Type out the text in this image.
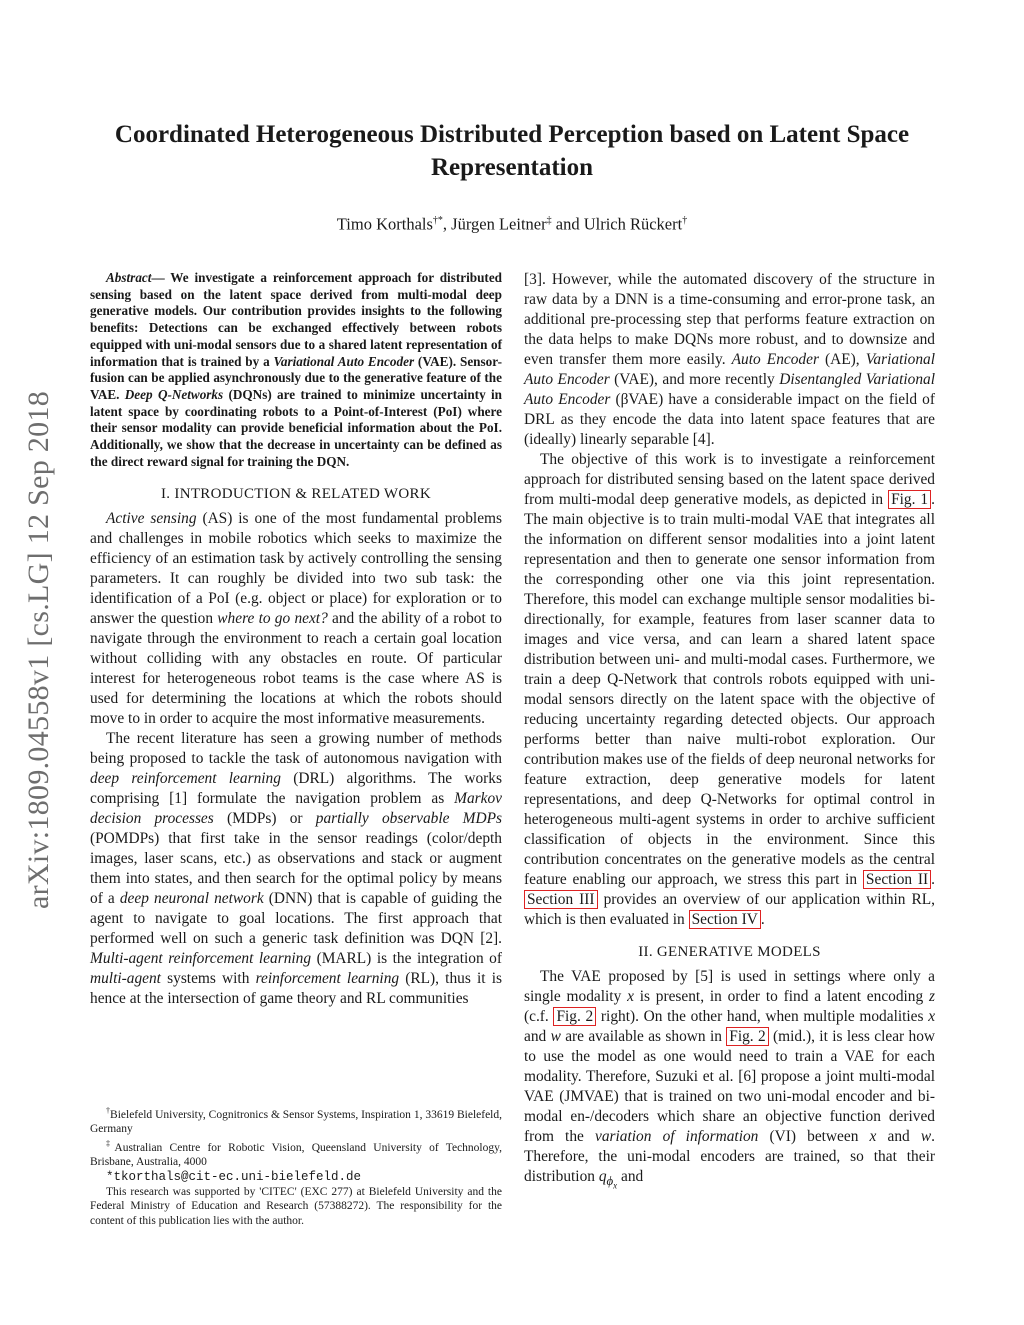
arXiv:1809.04558v1 [cs.LG] 12 Sep 2018
Coordinated Heterogeneous Distributed Perception based on Latent Space Representation
Timo Korthals†*, Jürgen Leitner‡ and Ulrich Rückert†

Abstract— We investigate a reinforcement approach for distributed sensing based on the latent space derived from multi-modal deep generative models. Our contribution provides insights to the following benefits: Detections can be exchanged effectively between robots equipped with uni-modal sensors due to a shared latent representation of information that is trained by a Variational Auto Encoder (VAE). Sensor-fusion can be applied asynchronously due to the generative feature of the VAE. Deep Q-Networks (DQNs) are trained to minimize uncertainty in latent space by coordinating robots to a Point-of-Interest (PoI) where their sensor modality can provide beneficial information about the PoI. Additionally, we show that the decrease in uncertainty can be defined as the direct reward signal for training the DQN.

I. INTRODUCTION & RELATED WORK

Active sensing (AS) is one of the most fundamental problems and challenges in mobile robotics which seeks to maximize the efficiency of an estimation task by actively controlling the sensing parameters. It can roughly be divided into two sub task: the identification of a PoI (e.g. object or place) for exploration or to answer the question where to go next? and the ability of a robot to navigate through the environment to reach a certain goal location without colliding with any obstacles en route. Of particular interest for heterogeneous robot teams is the case where AS is used for determining the locations at which the robots should move to in order to acquire the most informative measurements.

The recent literature has seen a growing number of methods being proposed to tackle the task of autonomous navigation with deep reinforcement learning (DRL) algorithms. The works comprising [1] formulate the navigation problem as Markov decision processes (MDPs) or partially observable MDPs (POMDPs) that first take in the sensor readings (color/depth images, laser scans, etc.) as observations and stack or augment them into states, and then search for the optimal policy by means of a deep neuronal network (DNN) that is capable of guiding the agent to navigate to goal locations. The first approach that performed well on such a generic task definition was DQN [2]. Multi-agent reinforcement learning (MARL) is the integration of multi-agent systems with reinforcement learning (RL), thus it is hence at the intersection of game theory and RL communities

†Bielefeld University, Cognitronics & Sensor Systems, Inspiration 1, 33619 Bielefeld, Germany

‡Australian Centre for Robotic Vision, Queensland University of Technology, Brisbane, Australia, 4000

*tkorthals@cit-ec.uni-bielefeld.de

This research was supported by 'CITEC' (EXC 277) at Bielefeld University and the Federal Ministry of Education and Research (57388272). The responsibility for the content of this publication lies with the author.

[3]. However, while the automated discovery of the structure in raw data by a DNN is a time-consuming and error-prone task, an additional pre-processing step that performs feature extraction on the data helps to make DQNs more robust, and to downsize and even transfer them more easily. Auto Encoder (AE), Variational Auto Encoder (VAE), and more recently Disentangled Variational Auto Encoder (βVAE) have a considerable impact on the field of DRL as they encode the data into latent space features that are (ideally) linearly separable [4].

The objective of this work is to investigate a reinforcement approach for distributed sensing based on the latent space derived from multi-modal deep generative models, as depicted in Fig. 1 . The main objective is to train multi-modal VAE that integrates all the information on different sensor modalities into a joint latent representation and then to generate one sensor information from the corresponding other one via this joint representation. Therefore, this model can exchange multiple sensor modalities bi-directionally, for example, features from laser scanner data to images and vice versa, and can learn a shared latent space distribution between uni- and multi-modal cases. Furthermore, we train a deep Q-Network that controls robots equipped with uni-modal sensors directly on the latent space with the objective of reducing uncertainty regarding detected objects. Our approach performs better than naive multi-robot exploration. Our contribution makes use of the fields of deep neuronal networks for feature extraction, deep generative models for latent representations, and deep Q-Networks for optimal control in heterogeneous multi-agent systems in order to archive sufficient classification of objects in the environment. Since this contribution concentrates on the generative models as the central feature enabling our approach, we stress this part in Section II . Section III provides an overview of our application within RL, which is then evaluated in Section IV .

II. GENERATIVE MODELS

The VAE proposed by [5] is used in settings where only a single modality x is present, in order to find a latent encoding z (c.f. Fig. 2 right). On the other hand, when multiple modalities x and w are available as shown in Fig. 2 (mid.), it is less clear how to use the model as one would need to train a VAE for each modality. Therefore, Suzuki et al. [6] propose a joint multi-modal VAE (JMVAE) that is trained on two uni-modal encoder and bi-modal en-/decoders which share an objective function derived from the variation of information (VI) between x and w. Therefore, the uni-modal encoders are trained, so that their distribution $q_{\phi_x}$ and
